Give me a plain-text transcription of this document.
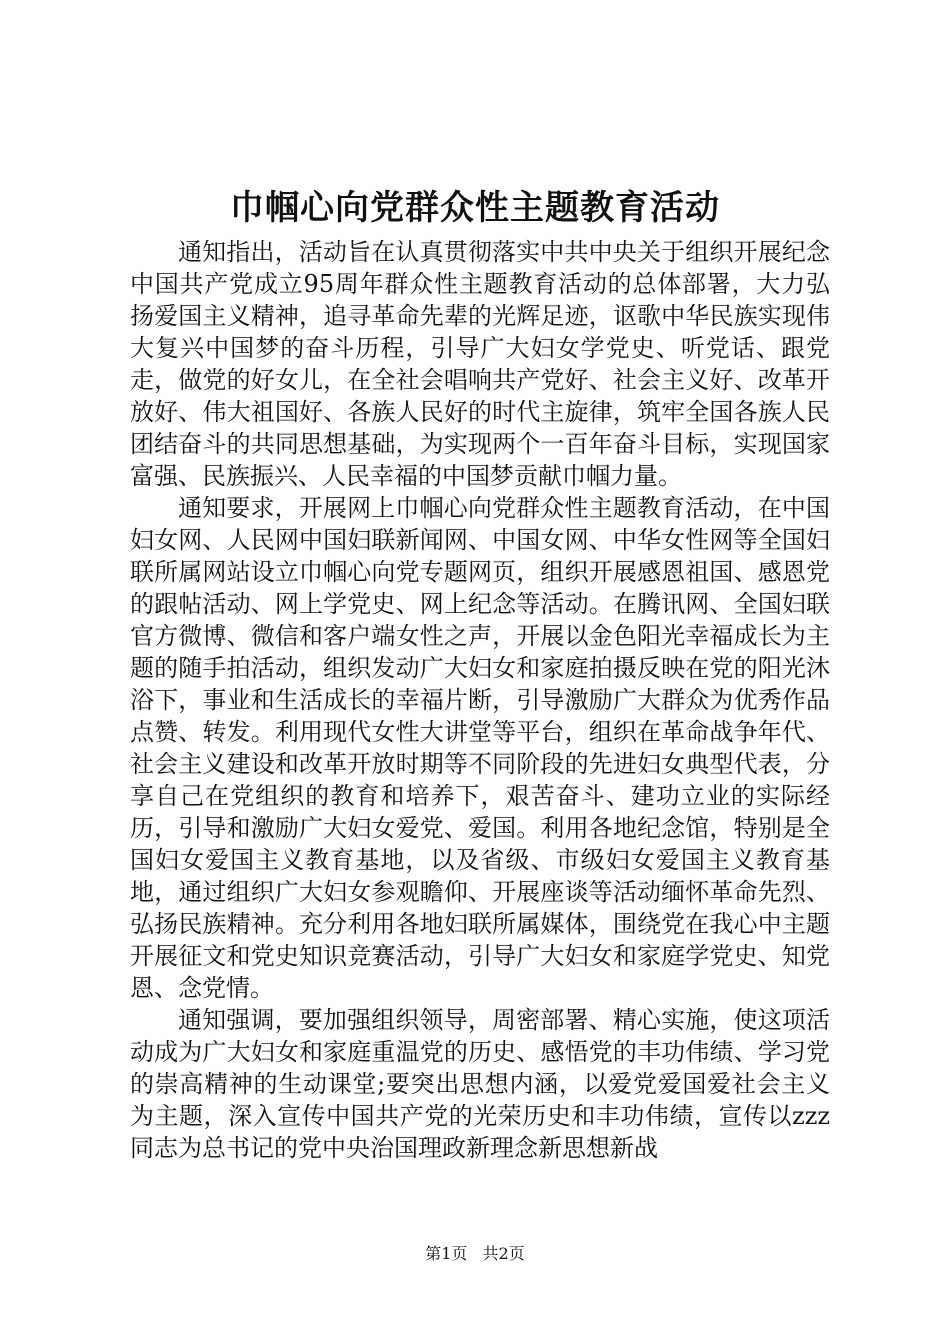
巾帼心向党群众性主题教育活动

通知指出，活动旨在认真贯彻落实中共中央关于组织开展纪念中国共产党成立95周年群众性主题教育活动的总体部署，大力弘扬爱国主义精神，追寻革命先辈的光辉足迹，讴歌中华民族实现伟大复兴中国梦的奋斗历程，引导广大妇女学党史、听党话、跟党走，做党的好女儿，在全社会唱响共产党好、社会主义好、改革开放好、伟大祖国好、各族人民好的时代主旋律，筑牢全国各族人民团结奋斗的共同思想基础，为实现两个一百年奋斗目标，实现国家富强、民族振兴、人民幸福的中国梦贡献巾帼力量。

通知要求，开展网上巾帼心向党群众性主题教育活动，在中国妇女网、人民网中国妇联新闻网、中国女网、中华女性网等全国妇联所属网站设立巾帼心向党专题网页，组织开展感恩祖国、感恩党的跟帖活动、网上学党史、网上纪念等活动。在腾讯网、全国妇联官方微博、微信和客户端女性之声，开展以金色阳光幸福成长为主题的随手拍活动，组织发动广大妇女和家庭拍摄反映在党的阳光沐浴下，事业和生活成长的幸福片断，引导激励广大群众为优秀作品点赞、转发。利用现代女性大讲堂等平台，组织在革命战争年代、社会主义建设和改革开放时期等不同阶段的先进妇女典型代表，分享自己在党组织的教育和培养下，艰苦奋斗、建功立业的实际经历，引导和激励广大妇女爱党、爱国。利用各地纪念馆，特别是全国妇女爱国主义教育基地，以及省级、市级妇女爱国主义教育基地，通过组织广大妇女参观瞻仰、开展座谈等活动缅怀革命先烈、弘扬民族精神。充分利用各地妇联所属媒体，围绕党在我心中主题开展征文和党史知识竞赛活动，引导广大妇女和家庭学党史、知党恩、念党情。

通知强调，要加强组织领导，周密部署、精心实施，使这项活动成为广大妇女和家庭重温党的历史、感悟党的丰功伟绩、学习党的崇高精神的生动课堂;要突出思想内涵，以爱党爱国爱社会主义为主题，深入宣传中国共产党的光荣历史和丰功伟绩，宣传以zzz同志为总书记的党中央治国理政新理念新思想新战

第1页 共2页
